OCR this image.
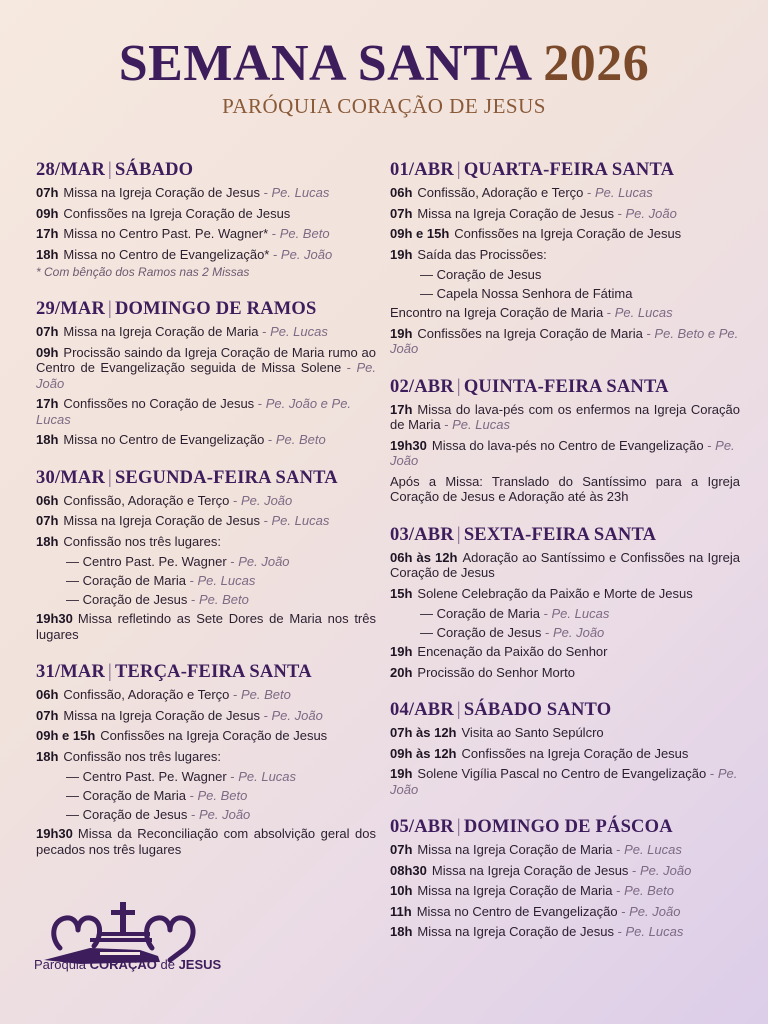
SEMANA SANTA 2026
PARÓQUIA CORAÇÃO DE JESUS
28/MAR | SÁBADO
07h Missa na Igreja Coração de Jesus - Pe. Lucas
09h Confissões na Igreja Coração de Jesus
17h Missa no Centro Past. Pe. Wagner* - Pe. Beto
18h Missa no Centro de Evangelização* - Pe. João
* Com bênção dos Ramos nas 2 Missas
29/MAR | DOMINGO DE RAMOS
07h Missa na Igreja Coração de Maria - Pe. Lucas
09h Procissão saindo da Igreja Coração de Maria rumo ao Centro de Evangelização seguida de Missa Solene - Pe. João
17h Confissões no Coração de Jesus - Pe. João e Pe. Lucas
18h Missa no Centro de Evangelização - Pe. Beto
30/MAR | SEGUNDA-FEIRA SANTA
06h Confissão, Adoração e Terço - Pe. João
07h Missa na Igreja Coração de Jesus - Pe. Lucas
18h Confissão nos três lugares:
— Centro Past. Pe. Wagner - Pe. João
— Coração de Maria - Pe. Lucas
— Coração de Jesus - Pe. Beto
19h30 Missa refletindo as Sete Dores de Maria nos três lugares
31/MAR | TERÇA-FEIRA SANTA
06h Confissão, Adoração e Terço - Pe. Beto
07h Missa na Igreja Coração de Jesus - Pe. João
09h e 15h Confissões na Igreja Coração de Jesus
18h Confissão nos três lugares:
— Centro Past. Pe. Wagner - Pe. Lucas
— Coração de Maria - Pe. Beto
— Coração de Jesus - Pe. João
19h30 Missa da Reconciliação com absolvição geral dos pecados nos três lugares
01/ABR | QUARTA-FEIRA SANTA
06h Confissão, Adoração e Terço - Pe. Lucas
07h Missa na Igreja Coração de Jesus - Pe. João
09h e 15h Confissões na Igreja Coração de Jesus
19h Saída das Procissões:
— Coração de Jesus
— Capela Nossa Senhora de Fátima
Encontro na Igreja Coração de Maria - Pe. Lucas
19h Confissões na Igreja Coração de Maria - Pe. Beto e Pe. João
02/ABR | QUINTA-FEIRA SANTA
17h Missa do lava-pés com os enfermos na Igreja Coração de Maria - Pe. Lucas
19h30 Missa do lava-pés no Centro de Evangelização - Pe. João
Após a Missa: Translado do Santíssimo para a Igreja Coração de Jesus e Adoração até às 23h
03/ABR | SEXTA-FEIRA SANTA
06h às 12h Adoração ao Santíssimo e Confissões na Igreja Coração de Jesus
15h Solene Celebração da Paixão e Morte de Jesus
— Coração de Maria - Pe. Lucas
— Coração de Jesus - Pe. João
19h Encenação da Paixão do Senhor
20h Procissão do Senhor Morto
04/ABR | SÁBADO SANTO
07h às 12h Visita ao Santo Sepúlcro
09h às 12h Confissões na Igreja Coração de Jesus
19h Solene Vigília Pascal no Centro de Evangelização - Pe. João
05/ABR | DOMINGO DE PÁSCOA
07h Missa na Igreja Coração de Maria - Pe. Lucas
08h30 Missa na Igreja Coração de Jesus - Pe. João
10h Missa na Igreja Coração de Maria - Pe. Beto
11h Missa no Centro de Evangelização - Pe. João
18h Missa na Igreja Coração de Jesus - Pe. Lucas
Paróquia CORAÇÃO de JESUS
